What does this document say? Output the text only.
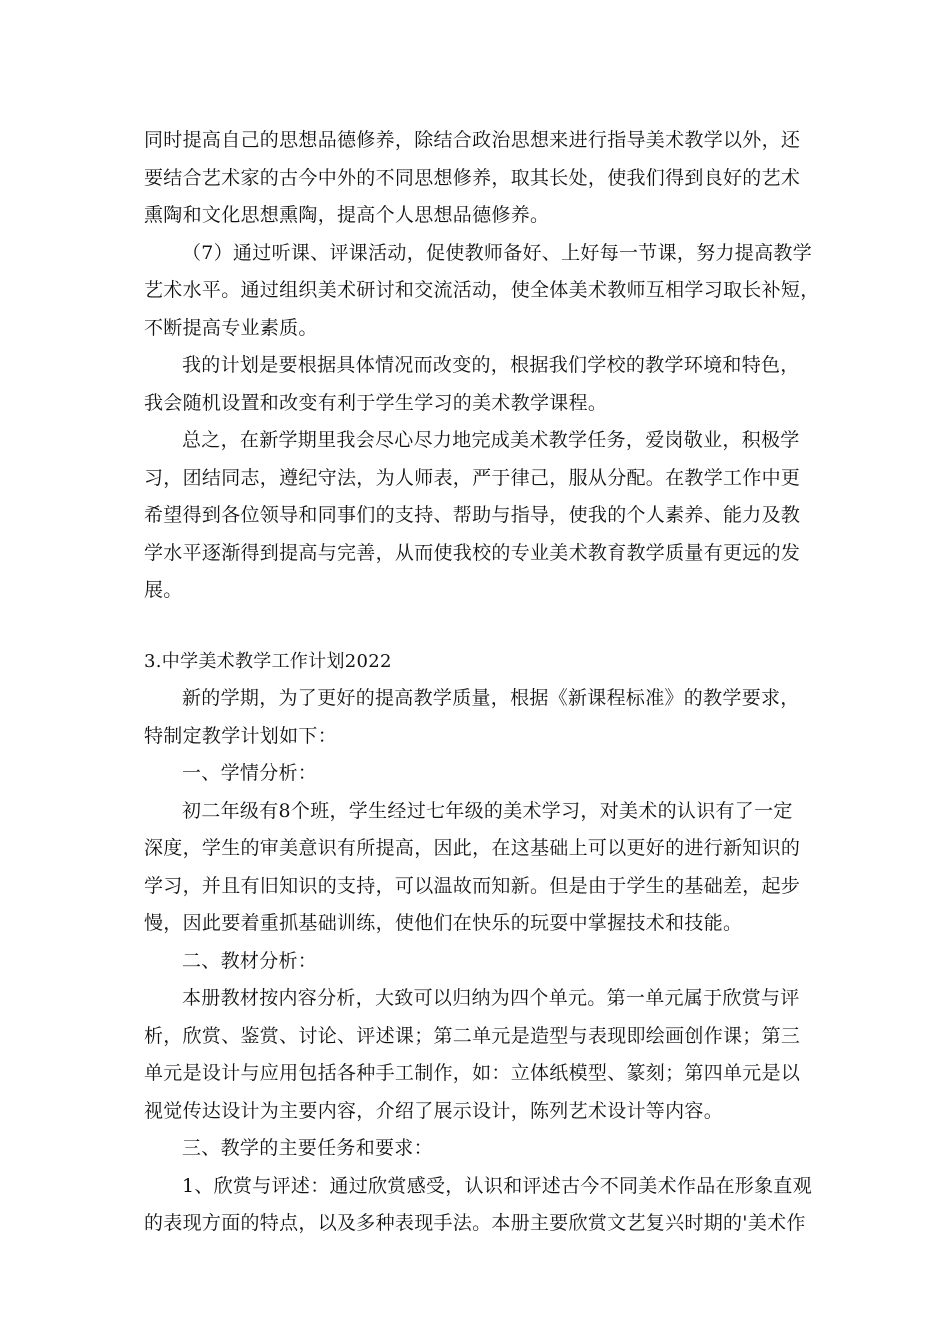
同时提高自己的思想品德修养，除结合政治思想来进行指导美术教学以外，还
要结合艺术家的古今中外的不同思想修养，取其长处，使我们得到良好的艺术
熏陶和文化思想熏陶，提高个人思想品德修养。

（7）通过听课、评课活动，促使教师备好、上好每一节课，努力提高教学
艺术水平。通过组织美术研讨和交流活动，使全体美术教师互相学习取长补短，
不断提高专业素质。

我的计划是要根据具体情况而改变的，根据我们学校的教学环境和特色，
我会随机设置和改变有利于学生学习的美术教学课程。

总之，在新学期里我会尽心尽力地完成美术教学任务，爱岗敬业，积极学
习，团结同志，遵纪守法，为人师表，严于律己，服从分配。在教学工作中更
希望得到各位领导和同事们的支持、帮助与指导，使我的个人素养、能力及教
学水平逐渐得到提高与完善，从而使我校的专业美术教育教学质量有更远的发
展。

3.中学美术教学工作计划2022

新的学期，为了更好的提高教学质量，根据《新课程标准》的教学要求，
特制定教学计划如下：

一、学情分析：

初二年级有8个班，学生经过七年级的美术学习，对美术的认识有了一定
深度，学生的审美意识有所提高，因此，在这基础上可以更好的进行新知识的
学习，并且有旧知识的支持，可以温故而知新。但是由于学生的基础差，起步
慢，因此要着重抓基础训练，使他们在快乐的玩耍中掌握技术和技能。

二、教材分析：

本册教材按内容分析，大致可以归纳为四个单元。第一单元属于欣赏与评
析，欣赏、鉴赏、讨论、评述课；第二单元是造型与表现即绘画创作课；第三
单元是设计与应用包括各种手工制作，如：立体纸模型、篆刻；第四单元是以
视觉传达设计为主要内容，介绍了展示设计，陈列艺术设计等内容。

三、教学的主要任务和要求：

1、欣赏与评述：通过欣赏感受，认识和评述古今不同美术作品在形象直观
的表现方面的特点，以及多种表现手法。本册主要欣赏文艺复兴时期的'美术作
